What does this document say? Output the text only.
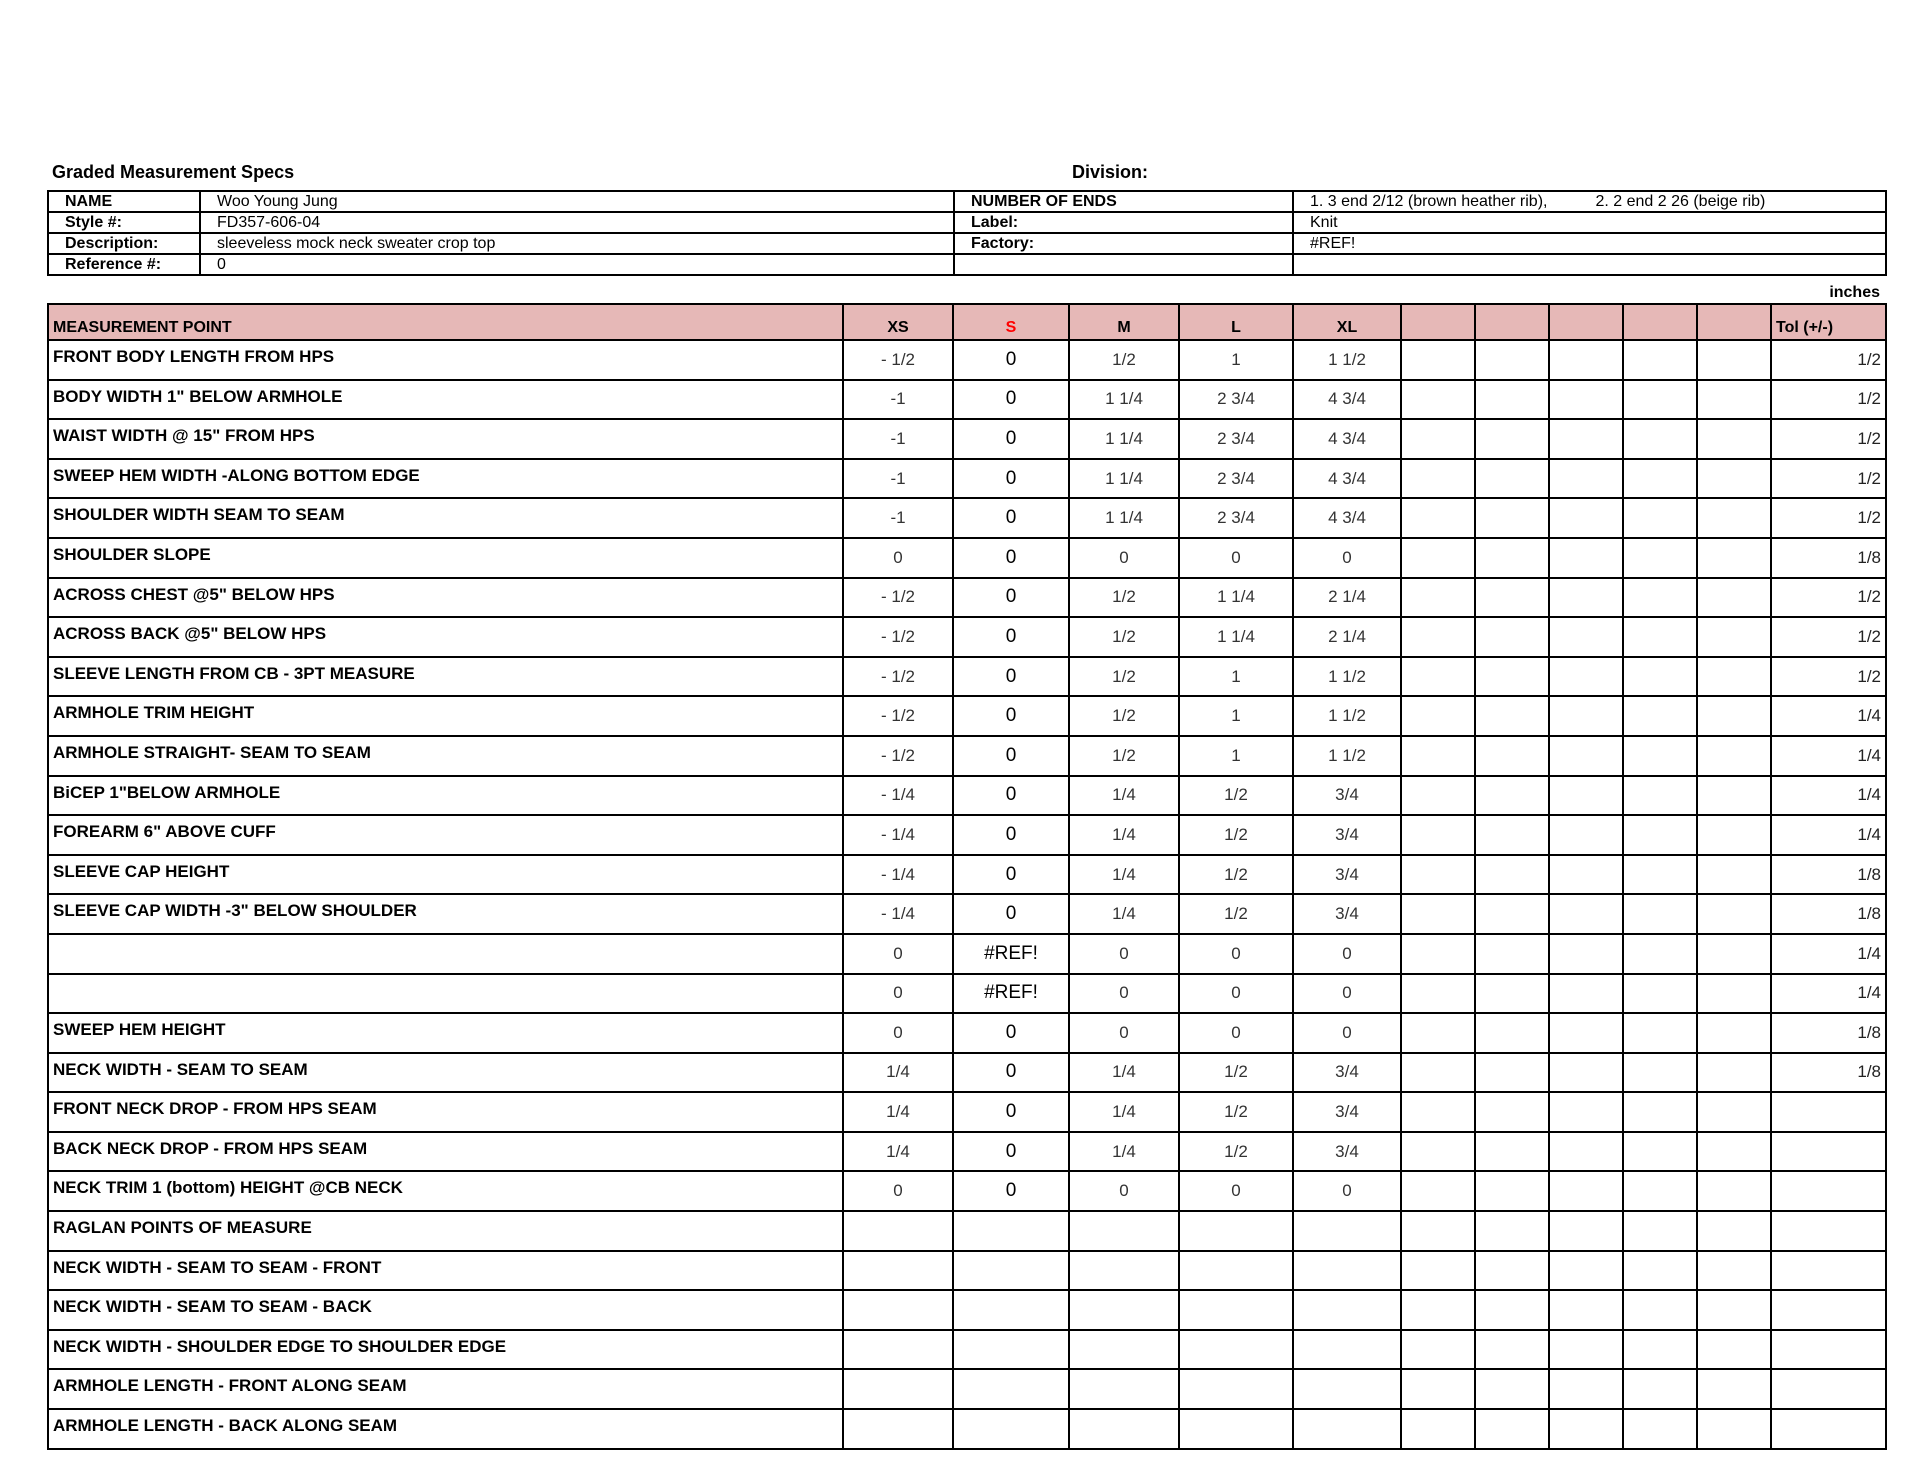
Graded Measurement Specs	Division:
NAME	Woo Young Jung	NUMBER OF ENDS	1. 3 end 2/12 (brown heather rib), 2. 2 end 2 26 (beige rib)
Style #:	FD357-606-04	Label:	Knit
Description:	sleeveless mock neck sweater crop top	Factory:	#REF!
Reference #:	0		
inches
MEASUREMENT POINT	XS	S	M	L	XL						Tol (+/-)
FRONT BODY LENGTH FROM HPS	- 1/2	0	1/2	1	1 1/2						1/2
BODY WIDTH 1" BELOW ARMHOLE	-1	0	1 1/4	2 3/4	4 3/4						1/2
WAIST WIDTH @ 15" FROM HPS	-1	0	1 1/4	2 3/4	4 3/4						1/2
SWEEP HEM WIDTH -ALONG BOTTOM EDGE	-1	0	1 1/4	2 3/4	4 3/4						1/2
SHOULDER WIDTH SEAM TO SEAM	-1	0	1 1/4	2 3/4	4 3/4						1/2
SHOULDER SLOPE	0	0	0	0	0						1/8
ACROSS CHEST @5" BELOW HPS	- 1/2	0	1/2	1 1/4	2 1/4						1/2
ACROSS BACK @5" BELOW HPS	- 1/2	0	1/2	1 1/4	2 1/4						1/2
SLEEVE LENGTH FROM CB - 3PT MEASURE	- 1/2	0	1/2	1	1 1/2						1/2
ARMHOLE TRIM HEIGHT	- 1/2	0	1/2	1	1 1/2						1/4
ARMHOLE STRAIGHT- SEAM TO SEAM	- 1/2	0	1/2	1	1 1/2						1/4
BiCEP 1"BELOW ARMHOLE	- 1/4	0	1/4	1/2	3/4						1/4
FOREARM 6" ABOVE CUFF	- 1/4	0	1/4	1/2	3/4						1/4
SLEEVE CAP HEIGHT	- 1/4	0	1/4	1/2	3/4						1/8
SLEEVE CAP WIDTH -3" BELOW SHOULDER	- 1/4	0	1/4	1/2	3/4						1/8
	0	#REF!	0	0	0						1/4
	0	#REF!	0	0	0						1/4
SWEEP HEM HEIGHT	0	0	0	0	0						1/8
NECK WIDTH - SEAM TO SEAM	1/4	0	1/4	1/2	3/4						1/8
FRONT NECK DROP - FROM HPS SEAM	1/4	0	1/4	1/2	3/4						
BACK NECK DROP - FROM HPS SEAM	1/4	0	1/4	1/2	3/4						
NECK TRIM 1 (bottom) HEIGHT @CB NECK	0	0	0	0	0						
RAGLAN POINTS OF MEASURE											
NECK WIDTH - SEAM TO SEAM - FRONT											
NECK WIDTH - SEAM TO SEAM - BACK											
NECK WIDTH - SHOULDER EDGE TO SHOULDER EDGE											
ARMHOLE LENGTH - FRONT ALONG SEAM											
ARMHOLE LENGTH - BACK ALONG SEAM											
